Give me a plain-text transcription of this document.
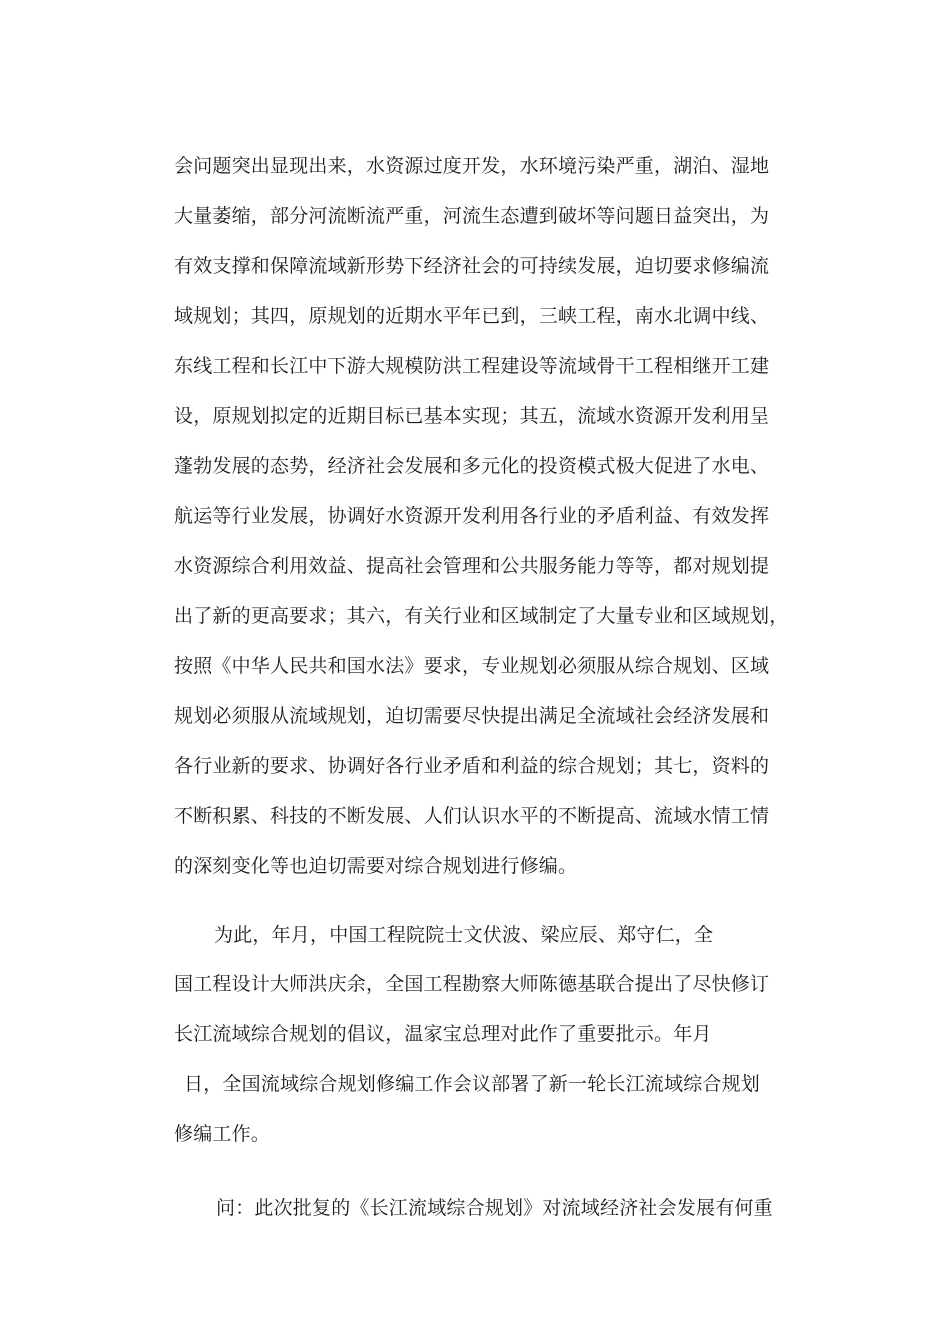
会问题突出显现出来，水资源过度开发，水环境污染严重，湖泊、湿地
大量萎缩，部分河流断流严重，河流生态遭到破坏等问题日益突出，为
有效支撑和保障流域新形势下经济社会的可持续发展，迫切要求修编流
域规划；其四，原规划的近期水平年已到，三峡工程，南水北调中线、
东线工程和长江中下游大规模防洪工程建设等流域骨干工程相继开工建
设，原规划拟定的近期目标已基本实现；其五，流域水资源开发利用呈
蓬勃发展的态势，经济社会发展和多元化的投资模式极大促进了水电、
航运等行业发展，协调好水资源开发利用各行业的矛盾利益、有效发挥
水资源综合利用效益、提高社会管理和公共服务能力等等，都对规划提
出了新的更高要求；其六，有关行业和区域制定了大量专业和区域规划，
按照《中华人民共和国水法》要求，专业规划必须服从综合规划、区域
规划必须服从流域规划，迫切需要尽快提出满足全流域社会经济发展和
各行业新的要求、协调好各行业矛盾和利益的综合规划；其七，资料的
不断积累、科技的不断发展、人们认识水平的不断提高、流域水情工情
的深刻变化等也迫切需要对综合规划进行修编。
为此，年月，中国工程院院士文伏波、梁应辰、郑守仁，全
国工程设计大师洪庆余，全国工程勘察大师陈德基联合提出了尽快修订
长江流域综合规划的倡议，温家宝总理对此作了重要批示。年月
日，全国流域综合规划修编工作会议部署了新一轮长江流域综合规划
修编工作。
问：此次批复的《长江流域综合规划》对流域经济社会发展有何重
